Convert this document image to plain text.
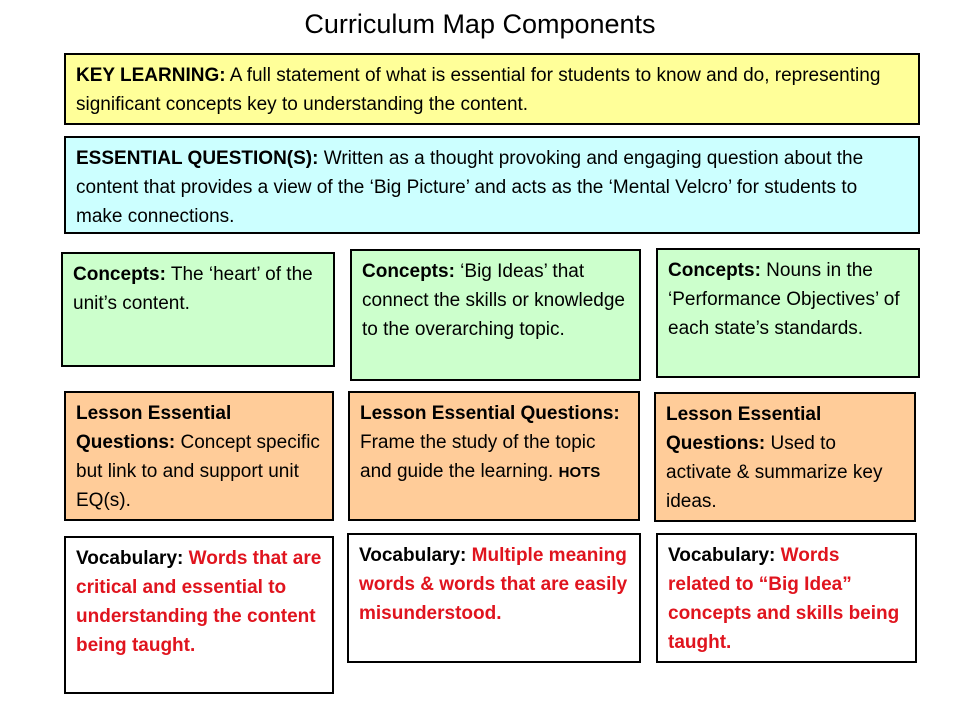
Curriculum Map Components
KEY LEARNING: A full statement of what is essential for students to know and do, representing significant concepts key to understanding the content.
ESSENTIAL QUESTION(S): Written as a thought provoking and engaging question about the content that provides a view of the ‘Big Picture’ and acts as the ‘Mental Velcro’ for students to make connections.
Concepts: The ‘heart’ of the unit’s content.
Concepts: ‘Big Ideas’ that connect the skills or knowledge to the overarching topic.
Concepts: Nouns in the ‘Performance Objectives’ of each state’s standards.
Lesson Essential Questions: Concept specific but link to and support unit EQ(s).
Lesson Essential Questions: Frame the study of the topic and guide the learning. HOTS
Lesson Essential Questions: Used to activate & summarize key ideas.
Vocabulary: Words that are critical and essential to understanding the content being taught.
Vocabulary: Multiple meaning words & words that are easily misunderstood.
Vocabulary: Words related to “Big Idea” concepts and skills being taught.
